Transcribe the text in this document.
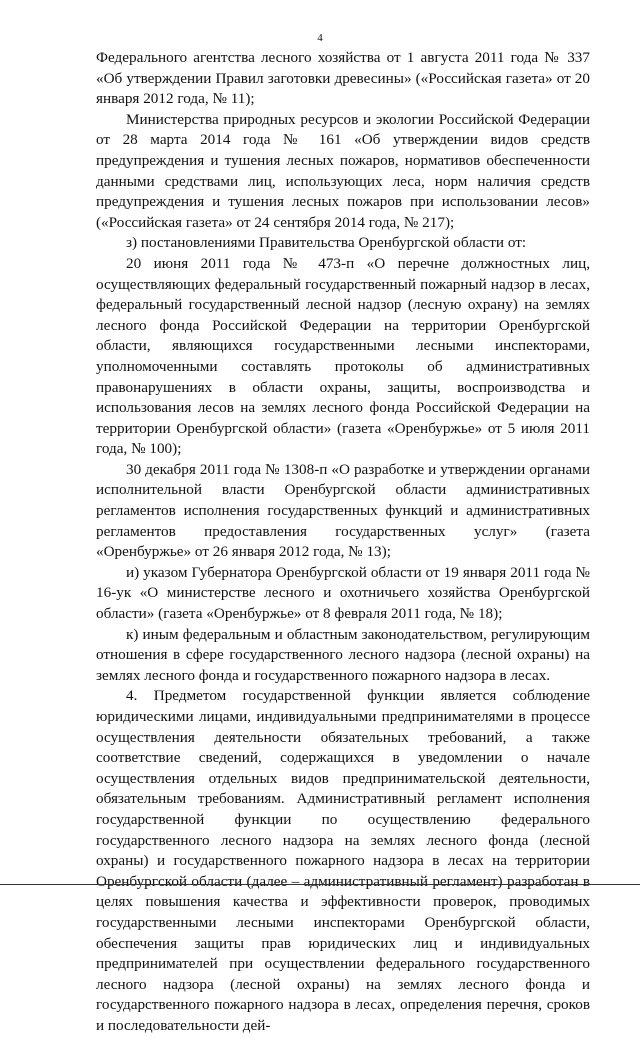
4

Федерального агентства лесного хозяйства от 1 августа 2011 года № 337 «Об утверждении Правил заготовки древесины» («Российская газета» от 20 января 2012 года, № 11);

Министерства природных ресурсов и экологии Российской Федерации от 28 марта 2014 года № 161 «Об утверждении видов средств предупреждения и тушения лесных пожаров, нормативов обеспеченности данными средствами лиц, использующих леса, норм наличия средств предупреждения и тушения лесных пожаров при использовании лесов» («Российская газета» от 24 сентября 2014 года, № 217);

з) постановлениями Правительства Оренбургской области от:

20 июня 2011 года № 473-п «О перечне должностных лиц, осуществляющих федеральный государственный пожарный надзор в лесах, федеральный государственный лесной надзор (лесную охрану) на землях лесного фонда Российской Федерации на территории Оренбургской области, являющихся государственными лесными инспекторами, уполномоченными составлять протоколы об административных правонарушениях в области охраны, защиты, воспроизводства и использования лесов на землях лесного фонда Российской Федерации на территории Оренбургской области» (газета «Оренбуржье» от 5 июля 2011 года, № 100);

30 декабря 2011 года № 1308-п «О разработке и утверждении органами исполнительной власти Оренбургской области административных регламентов исполнения государственных функций и административных регламентов предоставления государственных услуг» (газета «Оренбуржье» от 26 января 2012 года, № 13);

и) указом Губернатора Оренбургской области от 19 января 2011 года № 16-ук «О министерстве лесного и охотничьего хозяйства Оренбургской области» (газета «Оренбуржье» от 8 февраля 2011 года, № 18);

к) иным федеральным и областным законодательством, регулирующим отношения в сфере государственного лесного надзора (лесной охраны) на землях лесного фонда и государственного пожарного надзора в лесах.

4. Предметом государственной функции является соблюдение юридическими лицами, индивидуальными предпринимателями в процессе осуществления деятельности обязательных требований, а также соответствие сведений, содержащихся в уведомлении о начале осуществления отдельных видов предпринимательской деятельности, обязательным требованиям. Административный регламент исполнения государственной функции по осуществлению федерального государственного лесного надзора на землях лесного фонда (лесной охраны) и государственного пожарного надзора в лесах на территории Оренбургской области (далее – административный регламент) разработан в целях повышения качества и эффективности проверок, проводимых государственными лесными инспекторами Оренбургской области, обеспечения защиты прав юридических лиц и индивидуальных предпринимателей при осуществлении федерального государственного лесного надзора (лесной охраны) на землях лесного фонда и государственного пожарного надзора в лесах, определения перечня, сроков и последовательности дей-
